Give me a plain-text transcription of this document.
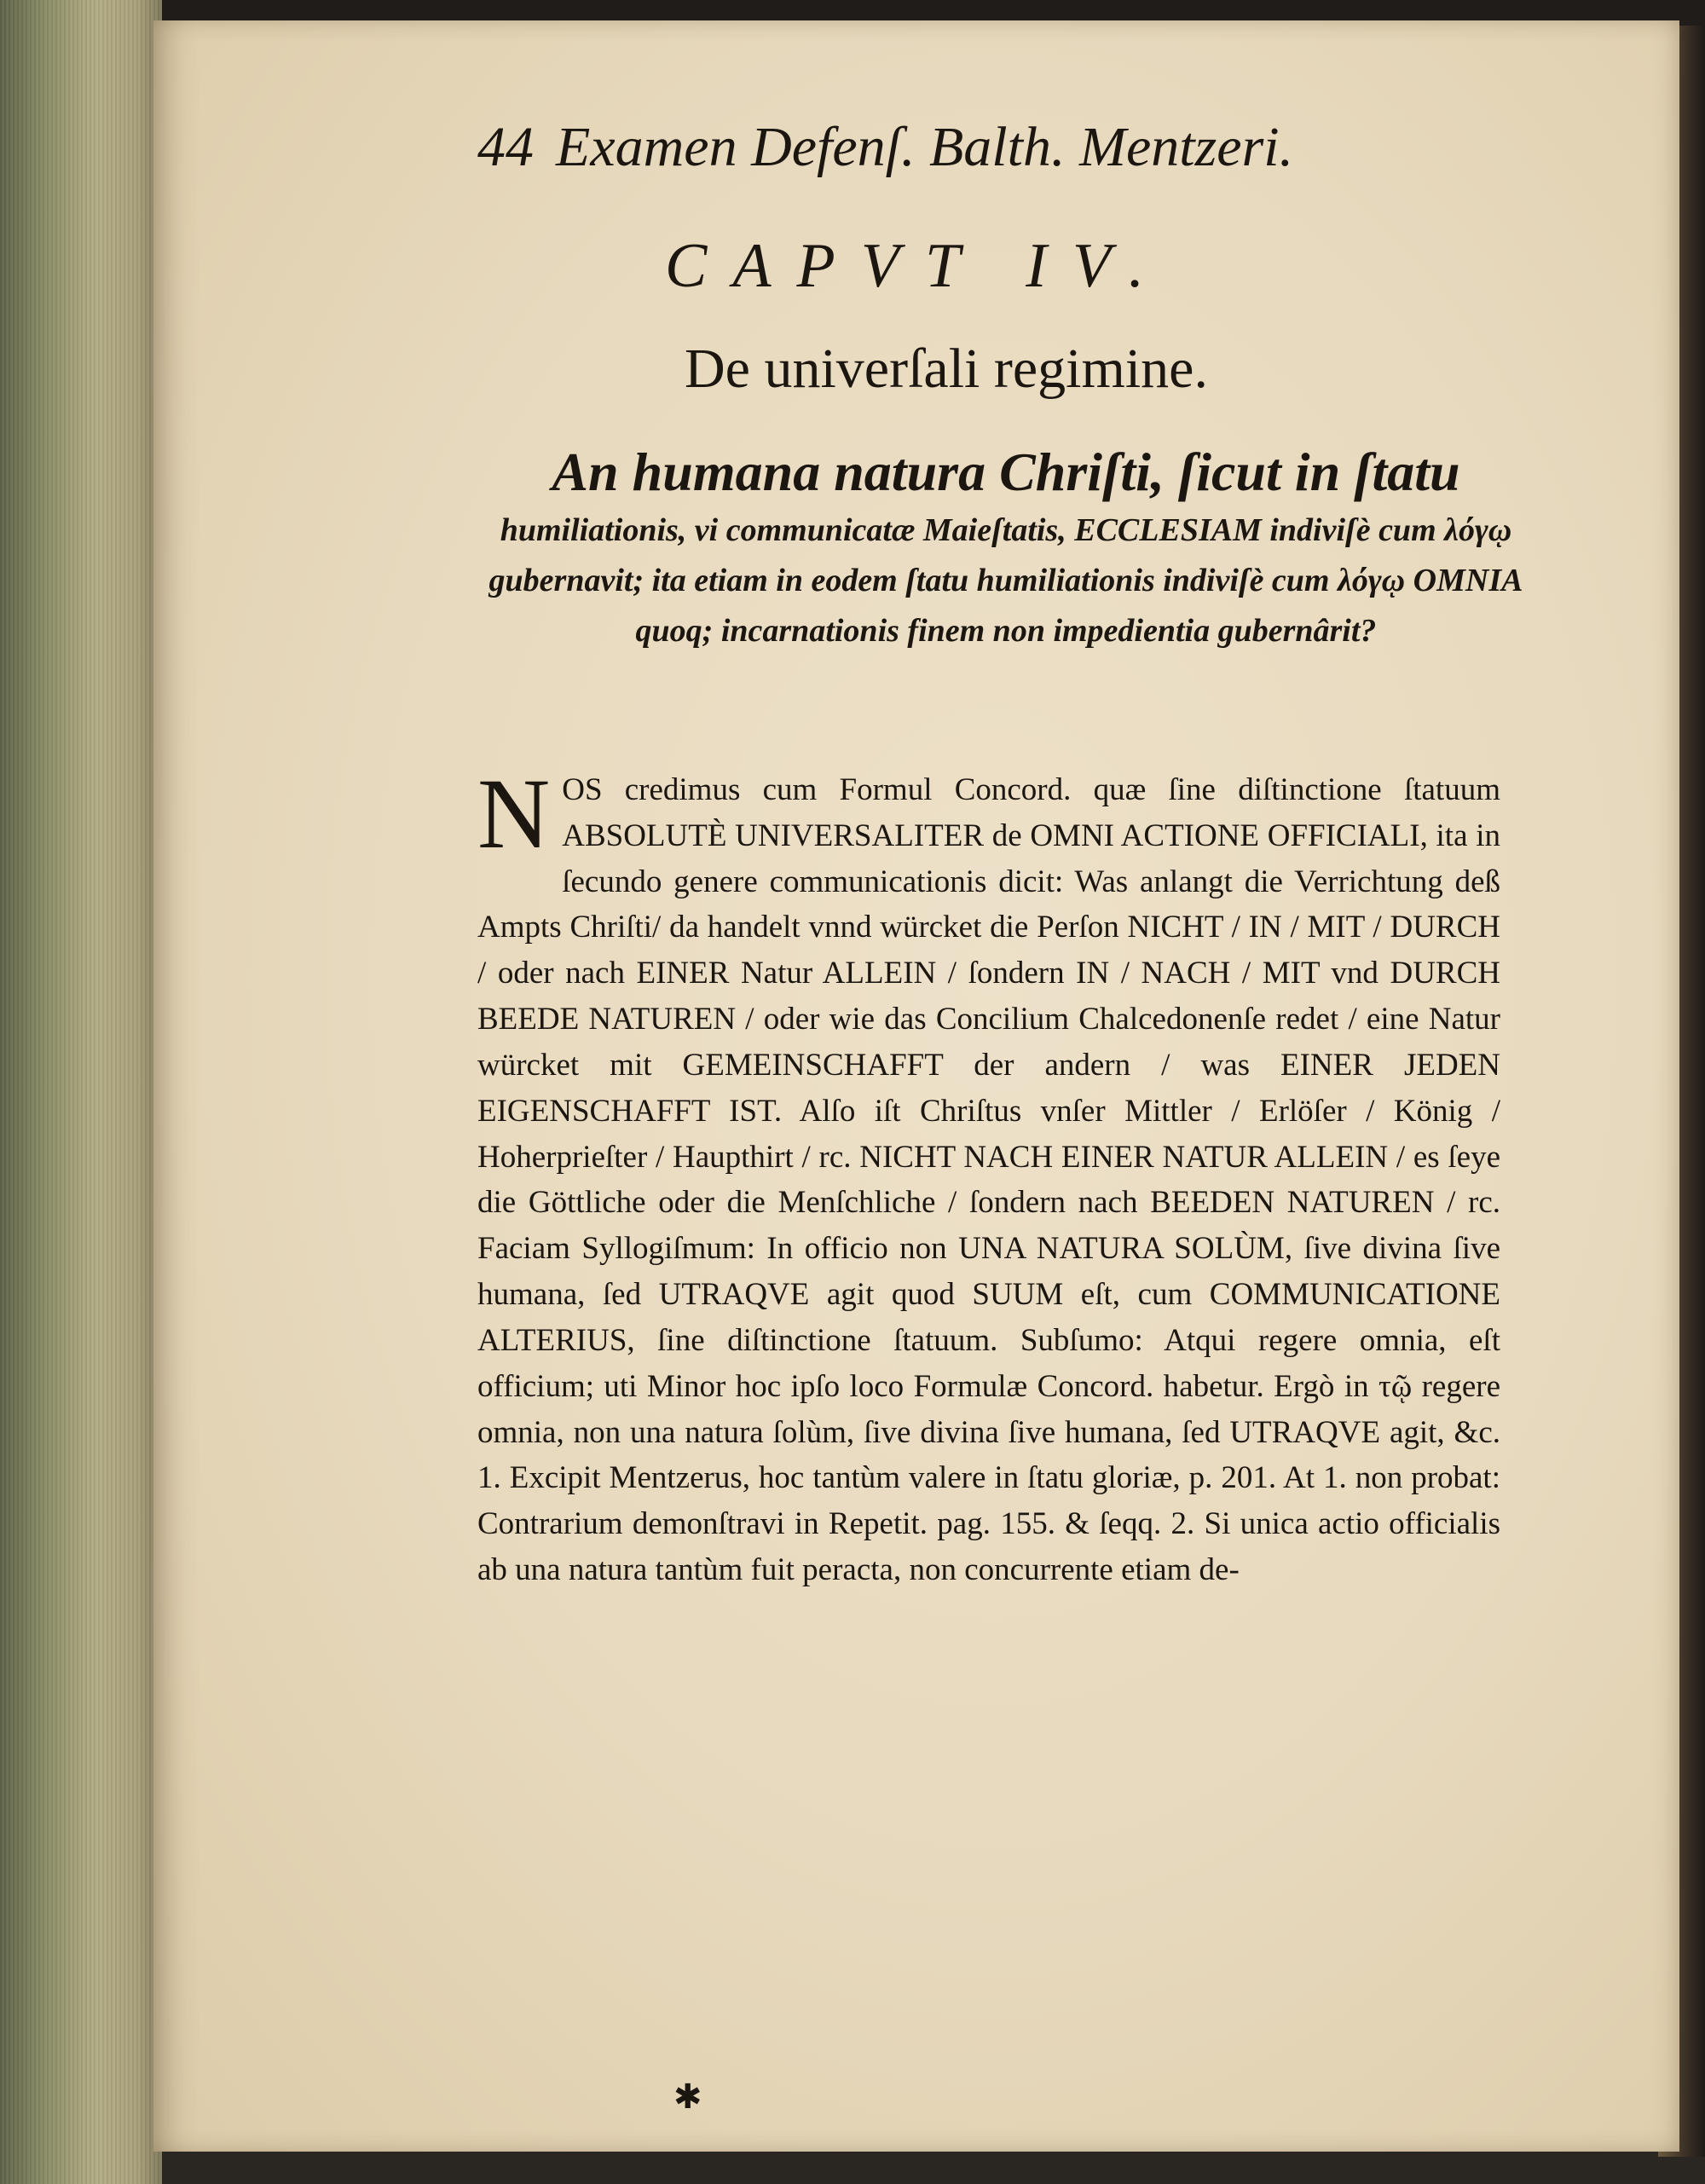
44 Examen Defenſ. Balth. Mentzeri.
CAPVT IV.
De univerſali regimine.
An humana natura Chriſti, ſicut in ſtatu
humiliationis, vi communicatæ Maieſtatis, ECCLESIAM indiviſè cum λόγῳ gubernavit; ita etiam in eodem ſtatu humiliationis indiviſè cum λόγῳ OMNIA quoq; incarnationis finem non impedientia gubernârit?
NOS credimus cum Formul Concord. quæ ſine diſtinctione ſtatuum ABSOLUTÈ UNIVERSALITER de OMNI ACTIONE OFFICIALI, ita in ſecundo genere communicationis dicit: Was anlangt die Verrichtung deß Ampts Chriſti/ da handelt vnnd würcket die Perſon NICHT / IN / MIT / DURCH / oder nach EINER Natur ALLEIN / ſondern IN / NACH / MIT vnd DURCH BEEDE NATUREN / oder wie das Concilium Chalcedonenſe redet / eine Natur würcket mit GEMEINSCHAFFT der andern / was EINER JEDEN EIGENSCHAFFT IST. Alſo iſt Chriſtus vnſer Mittler / Erlöſer / König / Hoherprieſter / Haupthirt / rc. NICHT NACH EINER NATUR ALLEIN / es ſeye die Göttliche oder die Menſchliche / ſondern nach BEEDEN NATUREN / rc. Faciam Syllogiſmum: In officio non UNA NATURA SOLÙM, ſive divina ſive humana, ſed UTRAQVE agit quod SUUM eſt, cum COMMUNICATIONE ALTERIUS, ſine diſtinctione ſtatuum. Subſumo: Atqui regere omnia, eſt officium; uti Minor hoc ipſo loco Formulæ Concord. habetur. Ergò in τῷ regere omnia, non una natura ſolùm, ſive divina ſive humana, ſed UTRAQVE agit, &c. 1. Excipit Mentzerus, hoc tantùm valere in ſtatu gloriæ, p. 201. At 1. non probat: Contrarium demonſtravi in Repetit. pag. 155. & ſeqq. 2. Si unica actio officialis ab una natura tantùm fuit peracta, non concurrente etiam de-
✱
